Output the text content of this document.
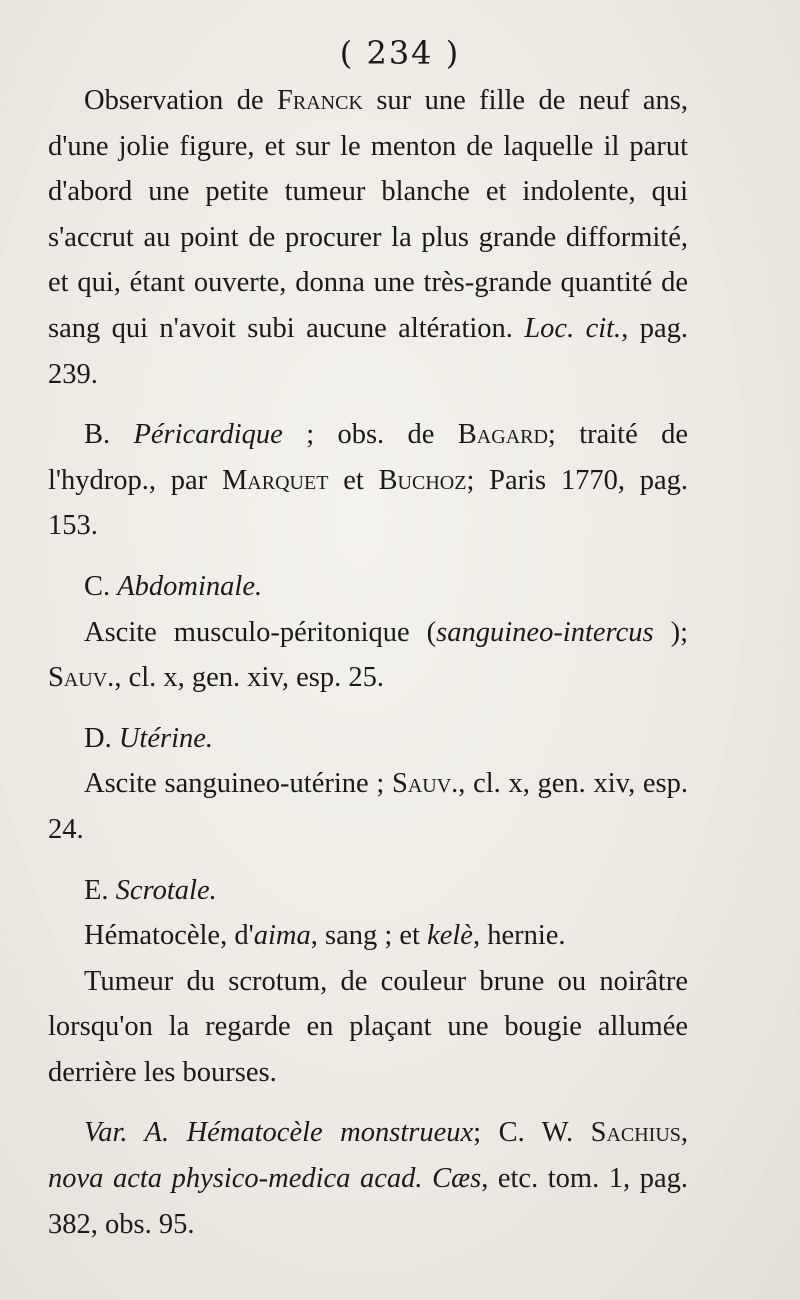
( 234 )

Observation de Franck sur une fille de neuf ans, d'une jolie figure, et sur le menton de laquelle il parut d'abord une petite tumeur blanche et indolente, qui s'accrut au point de procurer la plus grande difformité, et qui, étant ouverte, donna une très-grande quantité de sang qui n'avoit subi aucune altération. Loc. cit., pag. 239.

B. Péricardique ; obs. de Bagard; traité de l'hydrop., par Marquet et Buchoz; Paris 1770, pag. 153.

C. Abdominale.

Ascite musculo-péritonique (sanguineo-intercus ); Sauv., cl. x, gen. xiv, esp. 25.

D. Utérine.

Ascite sanguineo-utérine ; Sauv., cl. x, gen. xiv, esp. 24.

E. Scrotale.

Hématocèle, d'aima, sang ; et kelè, hernie.

Tumeur du scrotum, de couleur brune ou noirâtre lorsqu'on la regarde en plaçant une bougie allumée derrière les bourses.

Var. A. Hématocèle monstrueux; C. W. Sachius, nova acta physico-medica acad. Cæs, etc. tom. 1, pag. 382, obs. 95.
